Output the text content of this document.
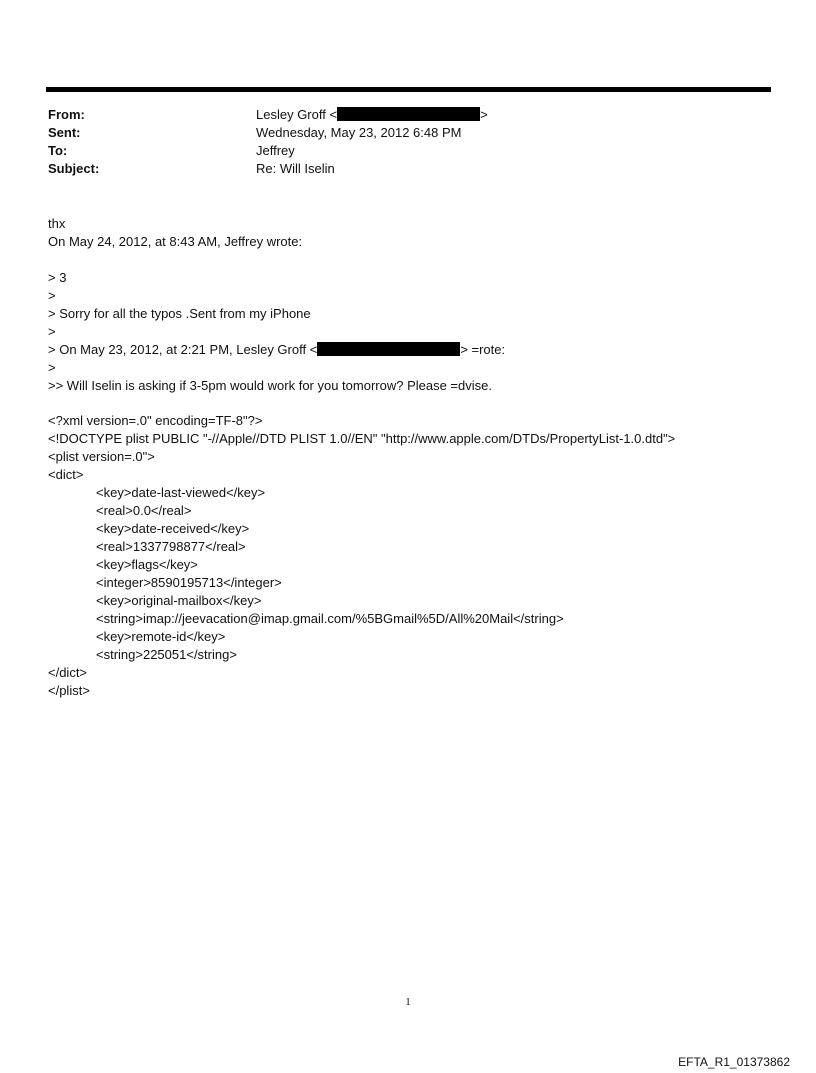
From:	Lesley Groff <	>
Sent:	Wednesday, May 23, 2012 6:48 PM
To:	Jeffrey
Subject:	Re: Will Iselin
thx
On May 24, 2012, at 8:43 AM, Jeffrey wrote:
> 3
>
> Sorry for all the typos .Sent from my iPhone
>
> On May 23, 2012, at 2:21 PM, Lesley Groff <	> =rote:
>
>> Will Iselin is asking if 3-5pm would work for you tomorrow? Please =dvise.
<?xml version=.0" encoding=TF-8"?>
<!DOCTYPE plist PUBLIC "-//Apple//DTD PLIST 1.0//EN" "http://www.apple.com/DTDs/PropertyList-1.0.dtd">
<plist version=.0">
<dict>
<key>date-last-viewed</key>
<real>0.0</real>
<key>date-received</key>
<real>1337798877</real>
<key>flags</key>
<integer>8590195713</integer>
<key>original-mailbox</key>
<string>imap://jeevacation@imap.gmail.com/%5BGmail%5D/All%20Mail</string>
<key>remote-id</key>
<string>225051</string>
</dict>
</plist>
1
EFTA_R1_01373862
